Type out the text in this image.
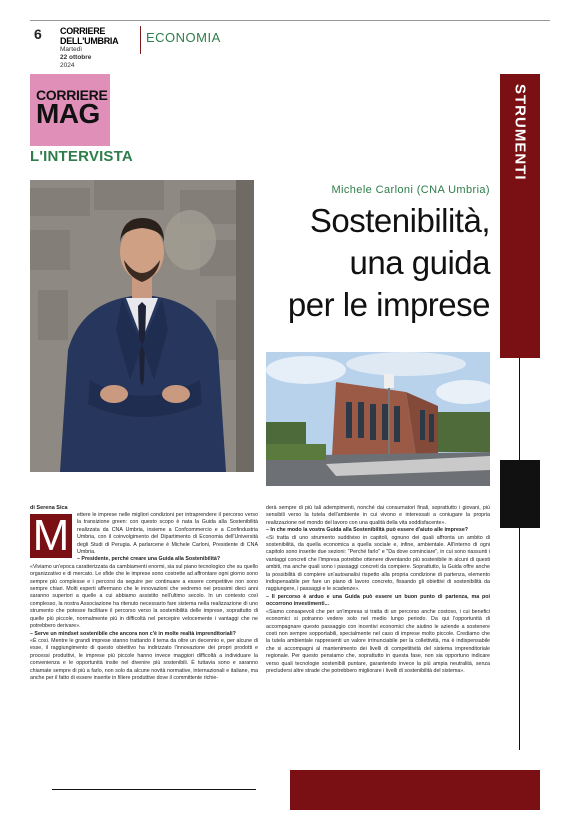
6 CORRIERE DELL'UMBRIA
Martedì
22 ottobre
2024
ECONOMIA
CORRIERE
MAG
L'INTERVISTA	STRUMENTI
Michele Carloni (CNA Umbria)
Sostenibilità,
una guida
per le imprese
di Serena Sica
M	ettere le imprese nelle migliori condizioni per intraprendere il percorso verso la transizione green: con questo scopo è nata la Guida alla Sostenibilità realizzata da CNA Umbria, insieme a Confcommercio e a Confindustria Umbria, con il coinvolgimento del Dipartimento di Economia dell'Università degli Studi di Perugia. A parlarcene è Michele Carloni, Presidente di CNA Umbria.

– Presidente, perché creare una Guida alla Sostenibilità?

«Viviamo un'epoca caratterizzata da cambiamenti enormi, sia sul piano tecnologico che su quello organizzativo e di mercato. Le sfide che le imprese sono costrette ad affrontare ogni giorno sono sempre più complesse e i percorsi da seguire per continuare a essere competitive non sono sempre chiari. Molti esperti affermano che le innovazioni che vedremo nei prossimi dieci anni saranno superiori a quelle a cui abbiamo assistito nell'ultimo secolo. In un contesto così complesso, la nostra Associazione ha ritenuto necessario fare sistema nella realizzazione di uno strumento che potesse facilitare il percorso verso la sostenibilità delle imprese, soprattutto di quelle più piccole, normalmente più in difficoltà nel percepire velocemente i vantaggi che ne potrebbero derivare».

– Serve un mindset sostenibile che ancora non c'è in molte realtà imprenditoriali?

«È così. Mentre le grandi imprese stanno trattando il tema da oltre un decennio e, per alcune di esse, il raggiungimento di questo obiettivo ha indirizzato l'innovazione dei propri prodotti e processi produttivi, le imprese più piccole hanno invece maggiori difficoltà a individuare la convenienza e le opportunità insite nel divenire più sostenibili. È tuttavia sono e saranno chiamate sempre di più a farlo, non solo da alcune novità normative, internazionali e italiane, ma anche per il fatto di essere inserite in filiere produttive dove il committente richie-

derà sempre di più tali adempimenti, nonché dai consumatori finali, soprattutto i giovani, più sensibili verso la tutela dell'ambiente in cui vivono e interessati a coniugare la propria realizzazione nel mondo del lavoro con una qualità della vita soddisfacente».

– In che modo la vostra Guida alla Sostenibilità può essere d'aiuto alle imprese?

«Si tratta di uno strumento suddiviso in capitoli, ognuno dei quali affronta un ambito di sostenibilità, da quella economica a quella sociale e, infine, ambientale. All'interno di ogni capitolo sono inserite due sezioni: "Perché farlo" e "Da dove cominciare", in cui sono riassunti i vantaggi concreti che l'impresa potrebbe ottenere diventando più sostenibile in alcuni di questi ambiti, ma anche quali sono i passaggi concreti da compiere. Soprattutto, la Guida offre anche la possibilità di compiere un'autoanalisi rispetto alla propria condizione di partenza, elemento indispensabile per fare un piano di lavoro concreto, fissando gli obiettivi di sostenibilità da raggiungere, i passaggi e le scadenze».

– Il percorso è arduo e una Guida può essere un buon punto di partenza, ma poi occorrono investimenti...

«Siamo consapevoli che per un'impresa si tratta di un percorso anche costoso, i cui benefici economici si potranno vedere solo nel medio lungo periodo. Da qui l'opportunità di accompagnare questo passaggio con incentivi economici che aiutino le aziende a sostenere costi non sempre sopportabili, specialmente nel caso di imprese molto piccole. Crediamo che la tutela ambientale rappresenti un valore irrinunciabile per la collettività, ma è indispensabile che si accompagni al mantenimento dei livelli di competitività del sistema imprenditoriale regionale. Per questo pensiamo che, soprattutto in questa fase, non sia opportuno indicare verso quali tecnologie sostenibili puntare, garantendo invece la più ampia neutralità, senza precludersi altre strade che potrebbero migliorare i livelli di sostenibilità del sistema».
